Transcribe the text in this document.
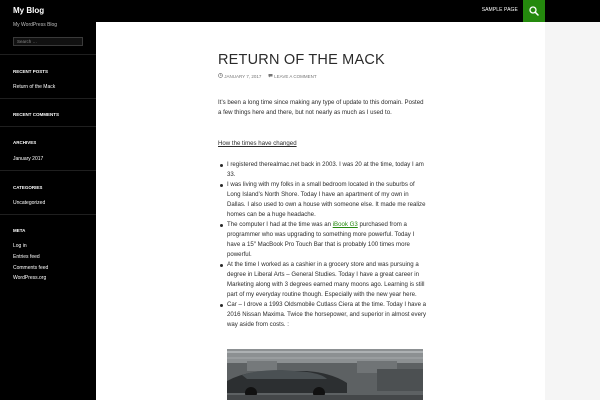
My Blog	SAMPLE PAGE
My WordPress Blog
Search …
RECENT POSTS
Return of the Mack
RECENT COMMENTS
ARCHIVES
January 2017
CATEGORIES
Uncategorized
META
Log in
Entries feed
Comments feed
WordPress.org
RETURN OF THE MACK
JANUARY 7, 2017	LEAVE A COMMENT

It’s been a long time since making any type of update to this domain. Posted a few things here and there, but not nearly as much as I used to.

How the times have changed
I registered therealmac.net back in 2003. I was 20 at the time, today I am 33.
I was living with my folks in a small bedroom located in the suburbs of Long Island’s North Shore. Today I have an apartment of my own in Dallas. I also used to own a house with someone else. It made me realize homes can be a huge headache.
The computer I had at the time was an iBook G3 purchased from a programmer who was upgrading to something more powerful. Today I have a 15″ MacBook Pro Touch Bar that is probably 100 times more powerful.
At the time I worked as a cashier in a grocery store and was pursuing a degree in Liberal Arts – General Studies. Today I have a great career in Marketing along with 3 degrees earned many moons ago. Learning is still part of my everyday routine though. Especially with the new year here.
Car – I drove a 1993 Oldsmobile Cutlass Ciera at the time. Today I have a 2016 Nissan Maxima. Twice the horsepower, and superior in almost every way aside from costs. :
